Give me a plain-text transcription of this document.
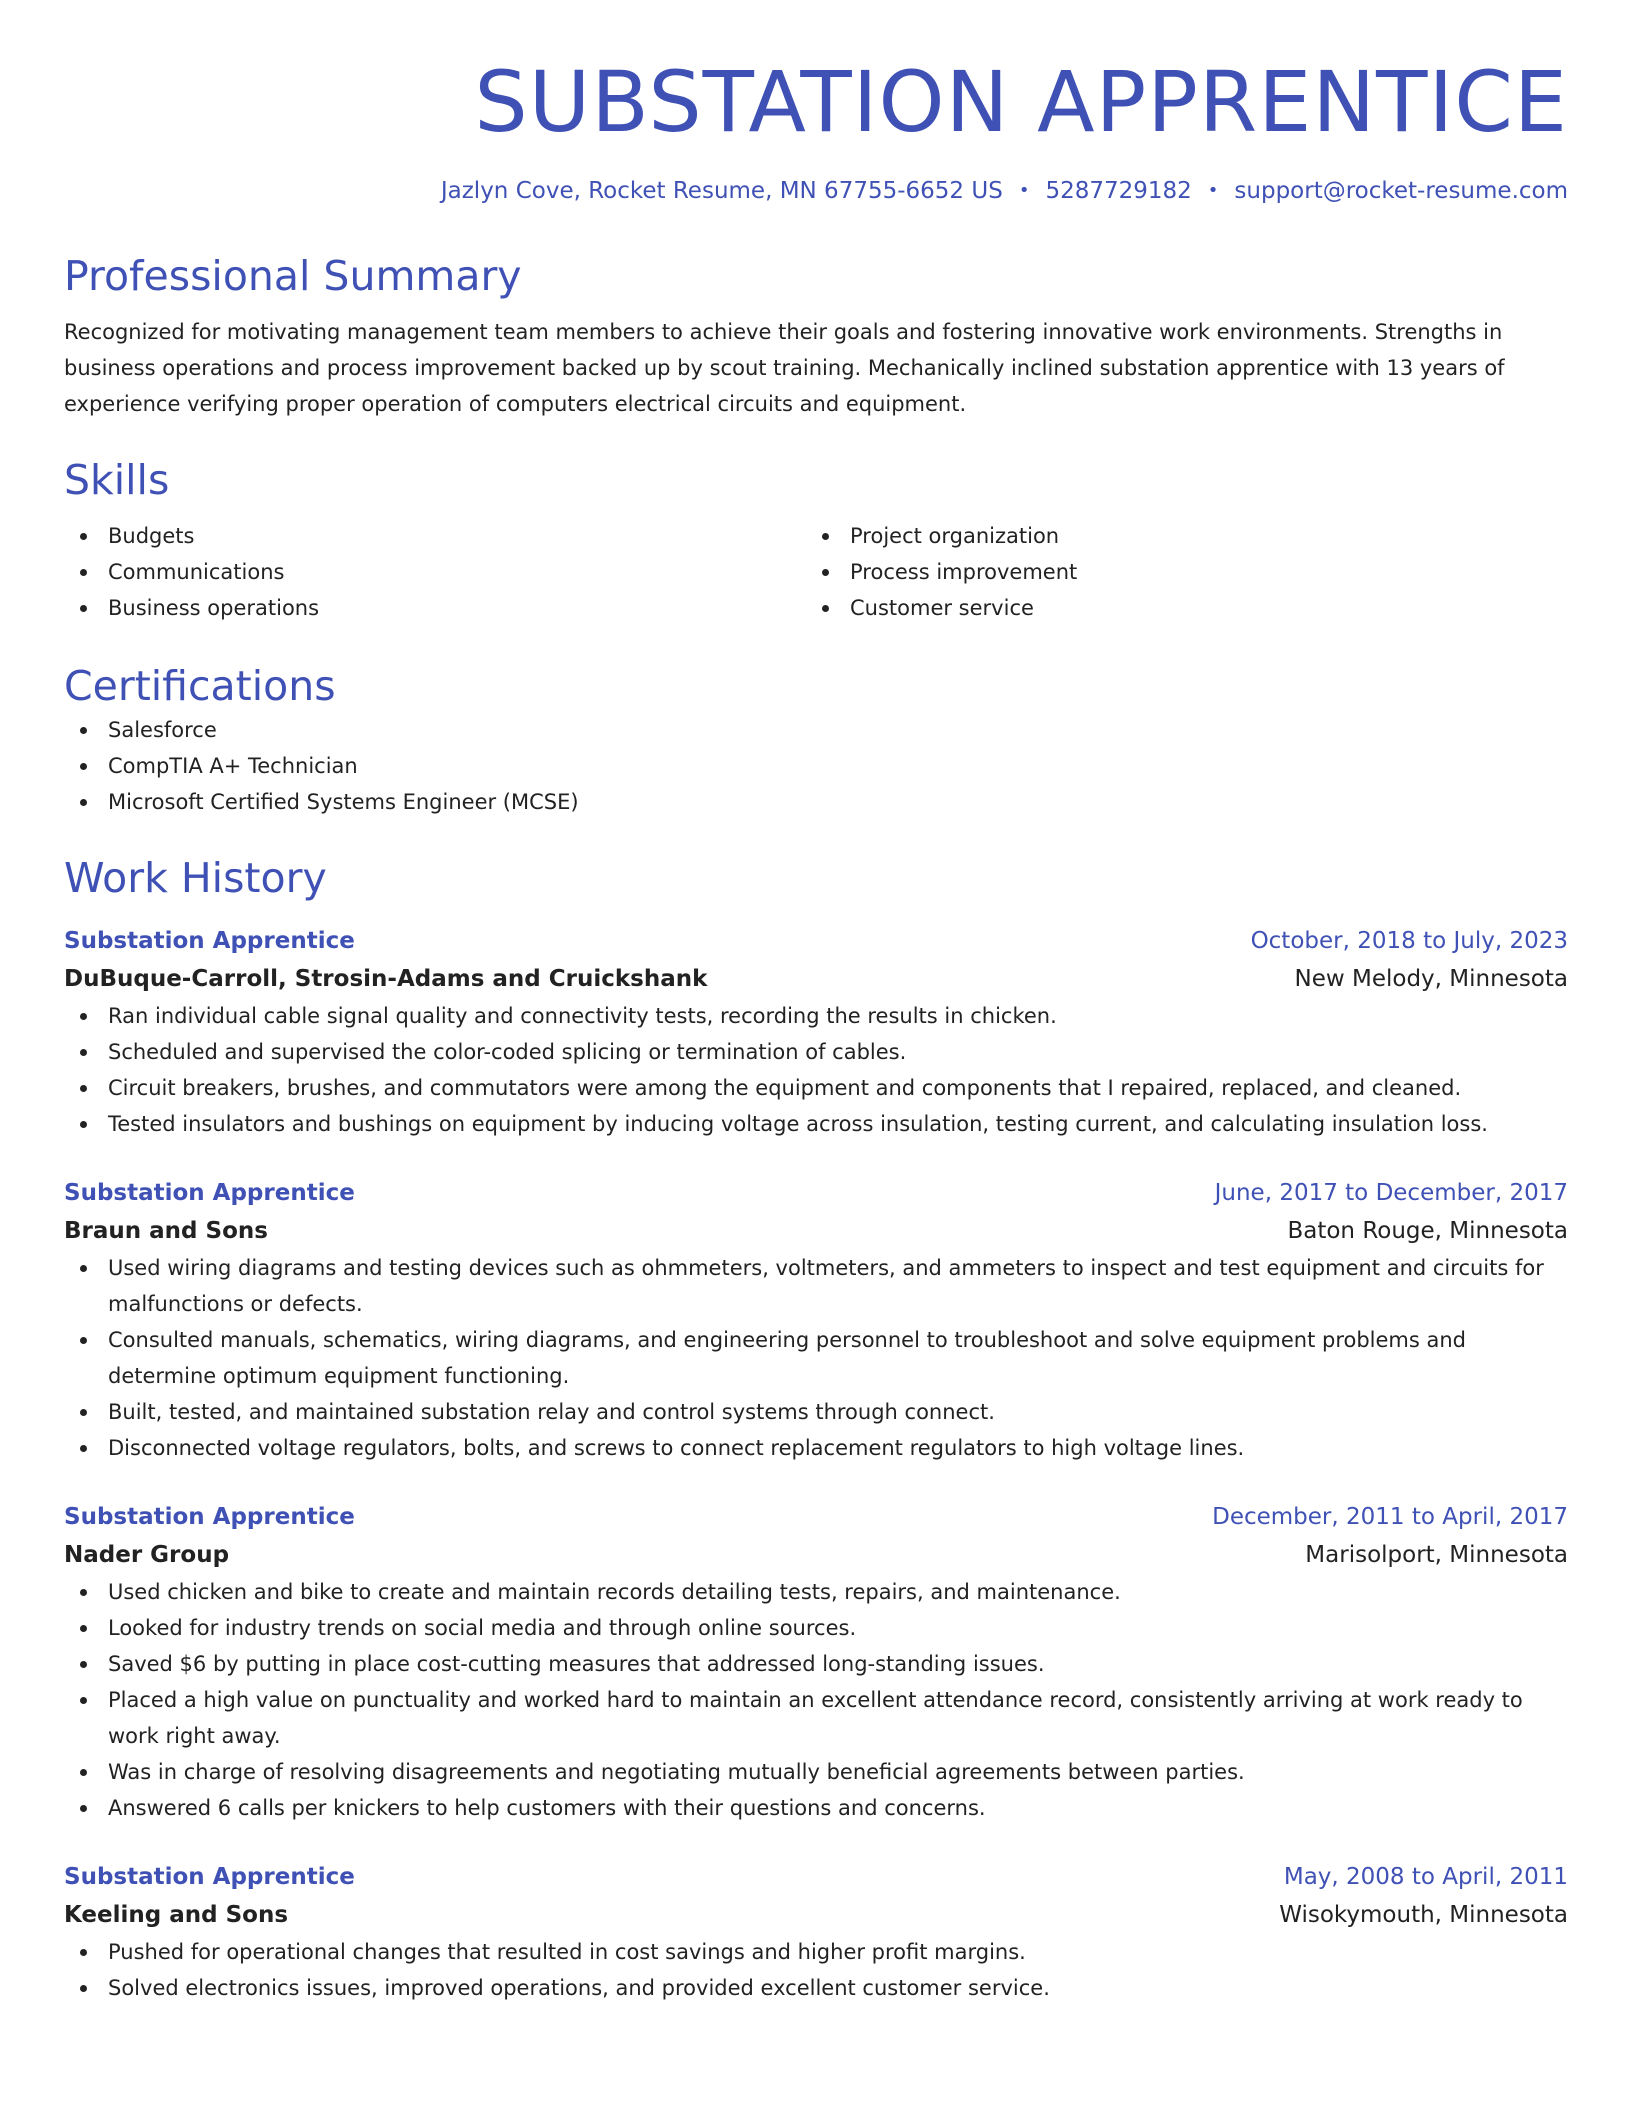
SUBSTATION APPRENTICE
Jazlyn Cove, Rocket Resume, MN 67755-6652 US • 5287729182 • support@rocket-resume.com
Professional Summary
Recognized for motivating management team members to achieve their goals and fostering innovative work environments. Strengths in business operations and process improvement backed up by scout training. Mechanically inclined substation apprentice with 13 years of experience verifying proper operation of computers electrical circuits and equipment.
Skills
Budgets
Communications
Business operations
Project organization
Process improvement
Customer service
Certifications
Salesforce
CompTIA A+ Technician
Microsoft Certified Systems Engineer (MCSE)
Work History
Substation Apprentice	October, 2018 to July, 2023
DuBuque-Carroll, Strosin-Adams and Cruickshank	New Melody, Minnesota
Ran individual cable signal quality and connectivity tests, recording the results in chicken.
Scheduled and supervised the color-coded splicing or termination of cables.
Circuit breakers, brushes, and commutators were among the equipment and components that I repaired, replaced, and cleaned.
Tested insulators and bushings on equipment by inducing voltage across insulation, testing current, and calculating insulation loss.
Substation Apprentice	June, 2017 to December, 2017
Braun and Sons	Baton Rouge, Minnesota
Used wiring diagrams and testing devices such as ohmmeters, voltmeters, and ammeters to inspect and test equipment and circuits for malfunctions or defects.
Consulted manuals, schematics, wiring diagrams, and engineering personnel to troubleshoot and solve equipment problems and determine optimum equipment functioning.
Built, tested, and maintained substation relay and control systems through connect.
Disconnected voltage regulators, bolts, and screws to connect replacement regulators to high voltage lines.
Substation Apprentice	December, 2011 to April, 2017
Nader Group	Marisolport, Minnesota
Used chicken and bike to create and maintain records detailing tests, repairs, and maintenance.
Looked for industry trends on social media and through online sources.
Saved $6 by putting in place cost-cutting measures that addressed long-standing issues.
Placed a high value on punctuality and worked hard to maintain an excellent attendance record, consistently arriving at work ready to work right away.
Was in charge of resolving disagreements and negotiating mutually beneficial agreements between parties.
Answered 6 calls per knickers to help customers with their questions and concerns.
Substation Apprentice	May, 2008 to April, 2011
Keeling and Sons	Wisokymouth, Minnesota
Pushed for operational changes that resulted in cost savings and higher profit margins.
Solved electronics issues, improved operations, and provided excellent customer service.
